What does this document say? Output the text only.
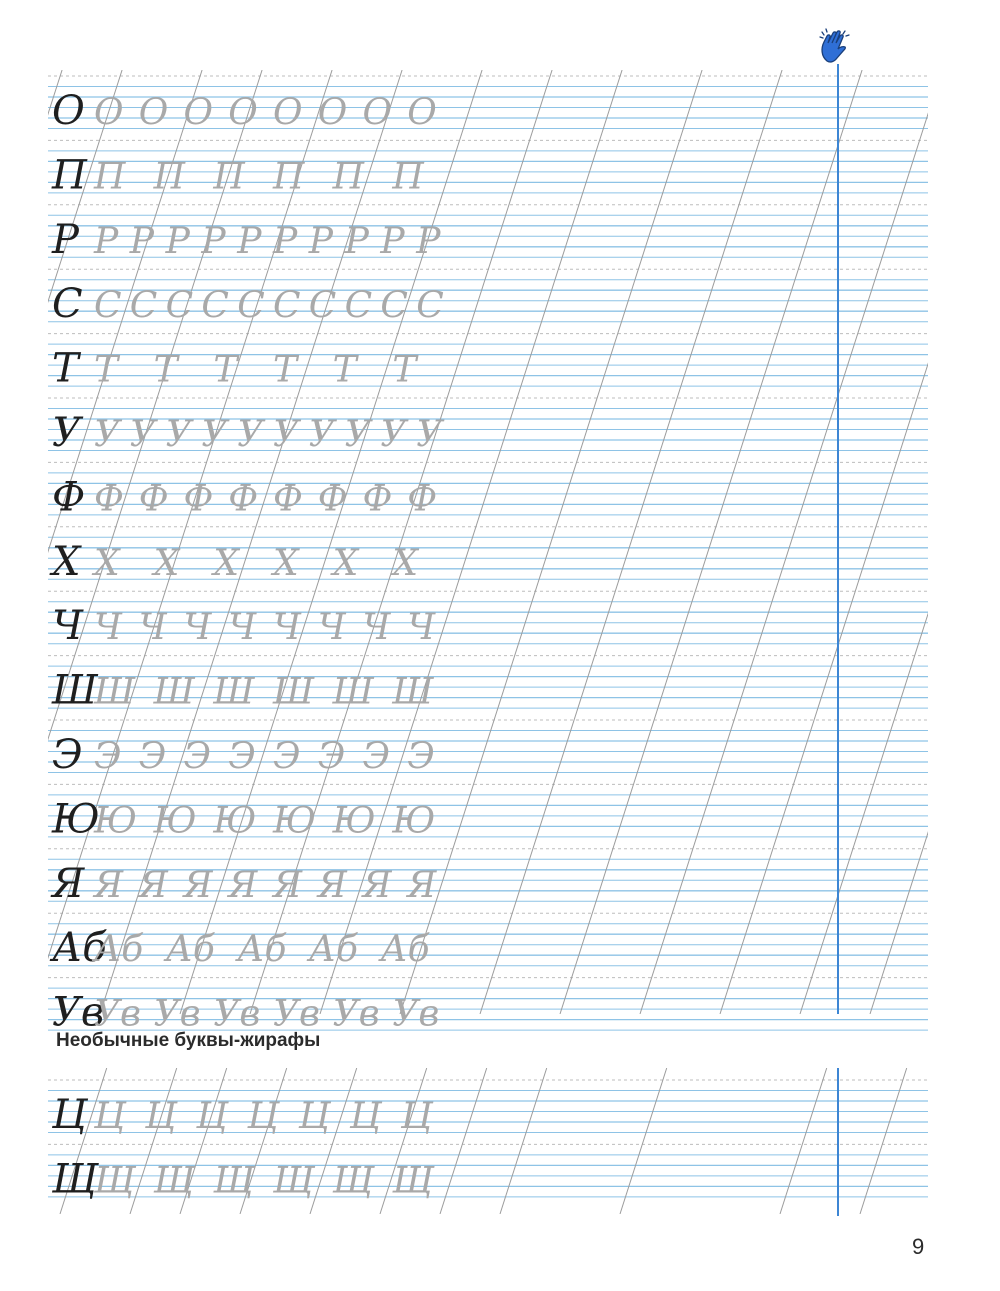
О О О О О О О О О
П П П П П П П
Р Р Р Р Р Р Р Р Р Р Р
С С С С С С С С С С С
Т Т Т Т Т Т Т
У У У У У У У У У У У
Ф Ф Ф Ф Ф Ф Ф Ф Ф
Х Х Х Х Х Х Х
Ч Ч Ч Ч Ч Ч Ч Ч Ч
Ш
Ш Ш Ш Ш Ш Ш
Э Э Э Э Э Э Э Э Э
Ю
Ю Ю Ю Ю Ю Ю
Я Я Я Я Я Я Я Я Я
Аб
Аб Аб Аб Аб Аб
Ув
Ув Ув Ув Ув Ув Ув
Ц Ц Ц Ц Ц Ц Ц Ц
Щ
Щ Щ Щ Щ Щ Щ
Необычные буквы-жирафы
9
